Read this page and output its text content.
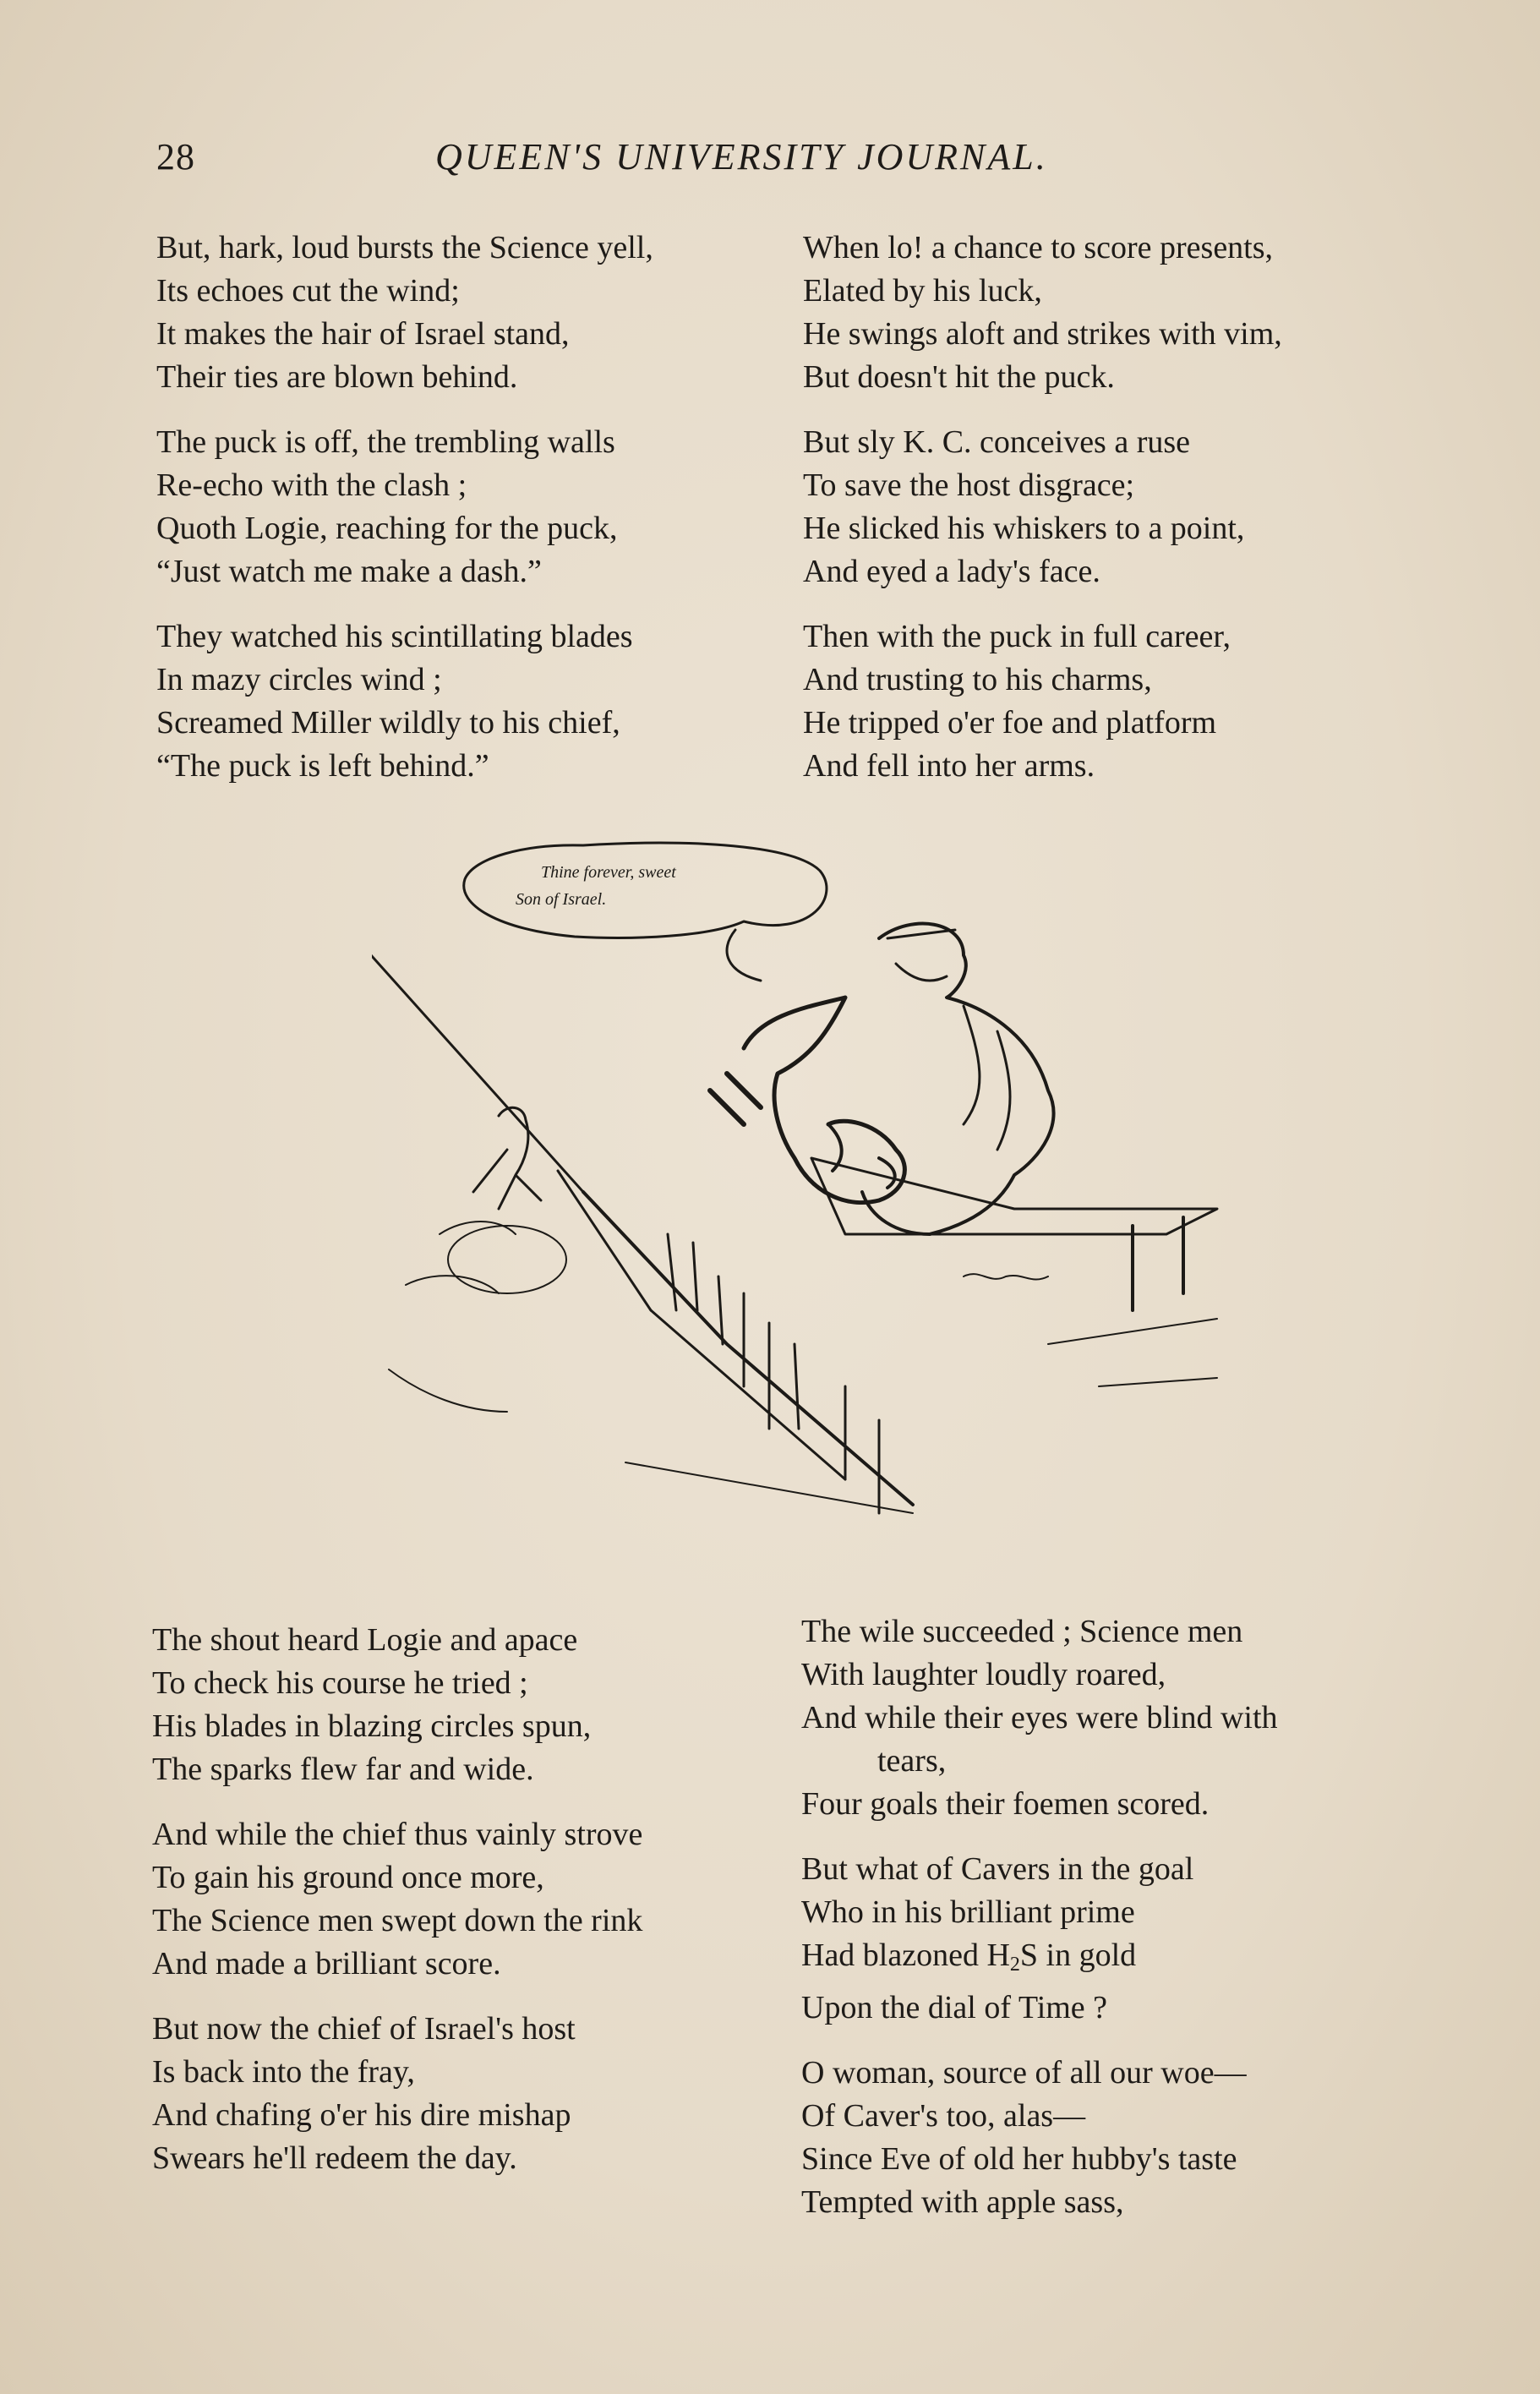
28	QUEEN'S UNIVERSITY JOURNAL.
But, hark, loud bursts the Science yell,
Its echoes cut the wind;
It makes the hair of Israel stand,
Their ties are blown behind.
The puck is off, the trembling walls
Re-echo with the clash ;
Quoth Logie, reaching for the puck,
“Just watch me make a dash.”
They watched his scintillating blades
In mazy circles wind ;
Screamed Miller wildly to his chief,
“The puck is left behind.”
When lo! a chance to score presents,
Elated by his luck,
He swings aloft and strikes with vim,
But doesn't hit the puck.
But sly K. C. conceives a ruse
To save the host disgrace;
He slicked his whiskers to a point,
And eyed a lady's face.
Then with the puck in full career,
And trusting to his charms,
He tripped o'er foe and platform
And fell into her arms.
Thine forever, sweet
Son of Israel.
The shout heard Logie and apace
To check his course he tried ;
His blades in blazing circles spun,
The sparks flew far and wide.
And while the chief thus vainly strove
To gain his ground once more,
The Science men swept down the rink
And made a brilliant score.
But now the chief of Israel's host
Is back into the fray,
And chafing o'er his dire mishap
Swears he'll redeem the day.
The wile succeeded ; Science men
With laughter loudly roared,
And while their eyes were blind with
tears,
Four goals their foemen scored.
But what of Cavers in the goal
Who in his brilliant prime
Had blazoned $H_2S$ in gold
Upon the dial of Time ?
O woman, source of all our woe—
Of Caver's too, alas—
Since Eve of old her hubby's taste
Tempted with apple sass,
